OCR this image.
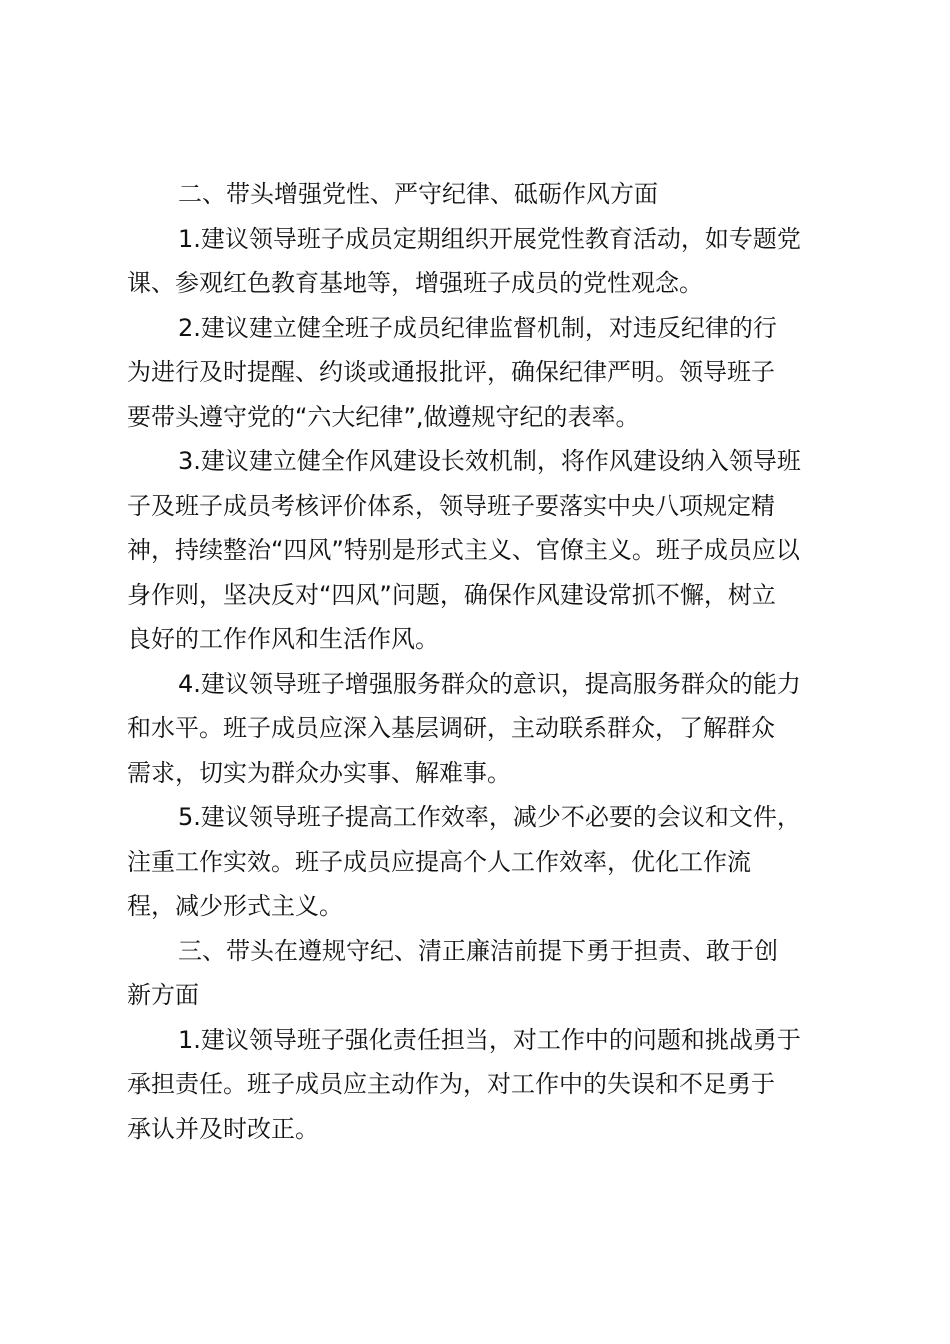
二、带头增强党性、严守纪律、砥砺作风方面
1.建议领导班子成员定期组织开展党性教育活动，如专题党
课、参观红色教育基地等，增强班子成员的党性观念。
2.建议建立健全班子成员纪律监督机制，对违反纪律的行
为进行及时提醒、约谈或通报批评，确保纪律严明。领导班子
要带头遵守党的“六大纪律”,做遵规守纪的表率。
3.建议建立健全作风建设长效机制，将作风建设纳入领导班
子及班子成员考核评价体系，领导班子要落实中央八项规定精
神，持续整治“四风”特别是形式主义、官僚主义。班子成员应以
身作则，坚决反对“四风”问题，确保作风建设常抓不懈，树立
良好的工作作风和生活作风。
4.建议领导班子增强服务群众的意识，提高服务群众的能力
和水平。班子成员应深入基层调研，主动联系群众，了解群众
需求，切实为群众办实事、解难事。
5.建议领导班子提高工作效率，减少不必要的会议和文件，
注重工作实效。班子成员应提高个人工作效率，优化工作流
程，减少形式主义。
三、带头在遵规守纪、清正廉洁前提下勇于担责、敢于创
新方面
1.建议领导班子强化责任担当，对工作中的问题和挑战勇于
承担责任。班子成员应主动作为，对工作中的失误和不足勇于
承认并及时改正。
